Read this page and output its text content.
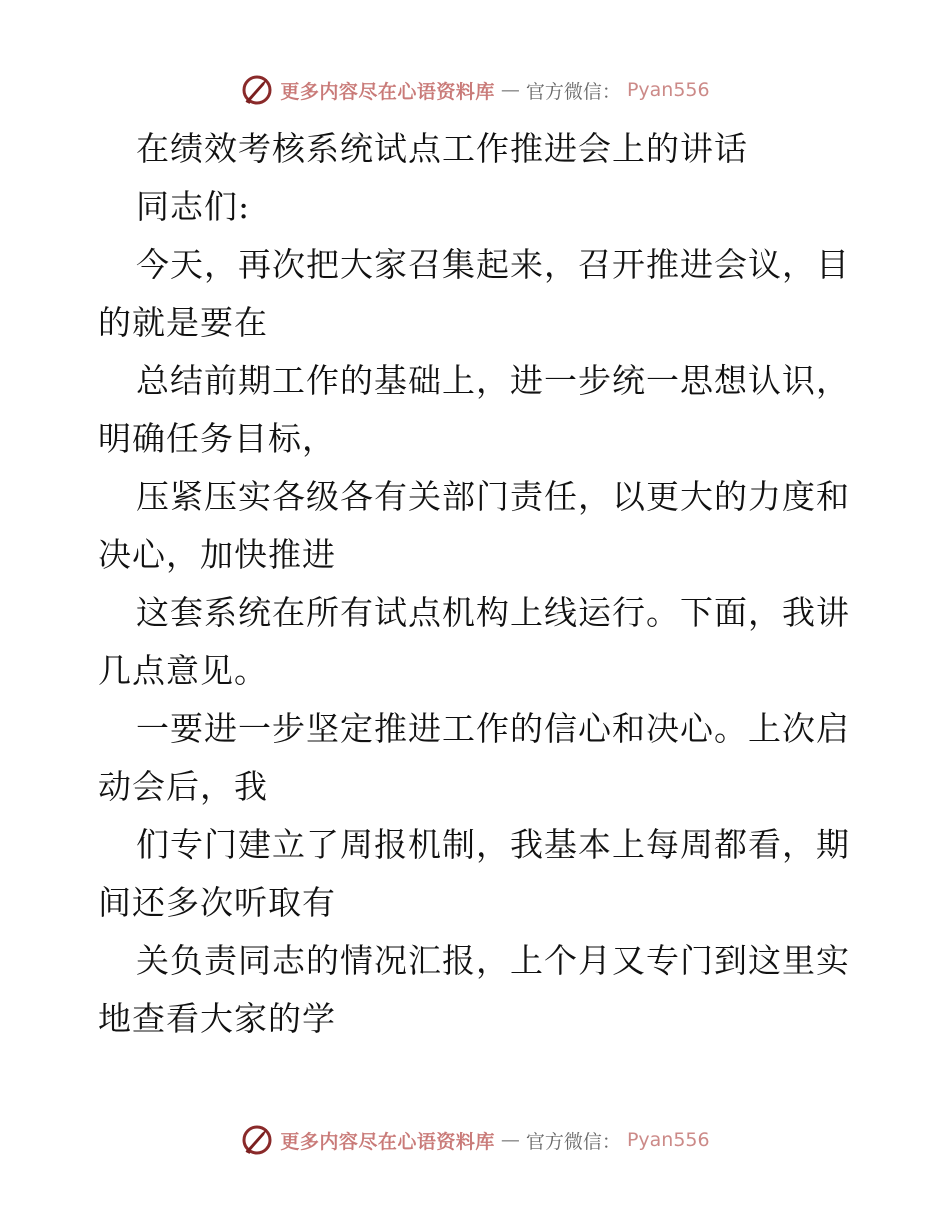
更多内容尽在心语资料库 — 官方微信： Pyan556
在绩效考核系统试点工作推进会上的讲话
同志们:
今天，再次把大家召集起来，召开推进会议，目
的就是要在
总结前期工作的基础上，进一步统一思想认识，
明确任务目标，
压紧压实各级各有关部门责任，以更大的力度和
决心，加快推进
这套系统在所有试点机构上线运行。下面，我讲
几点意见。
一要进一步坚定推进工作的信心和决心。上次启
动会后，我
们专门建立了周报机制，我基本上每周都看，期
间还多次听取有
关负责同志的情况汇报，上个月又专门到这里实
地查看大家的学
更多内容尽在心语资料库 — 官方微信： Pyan556
